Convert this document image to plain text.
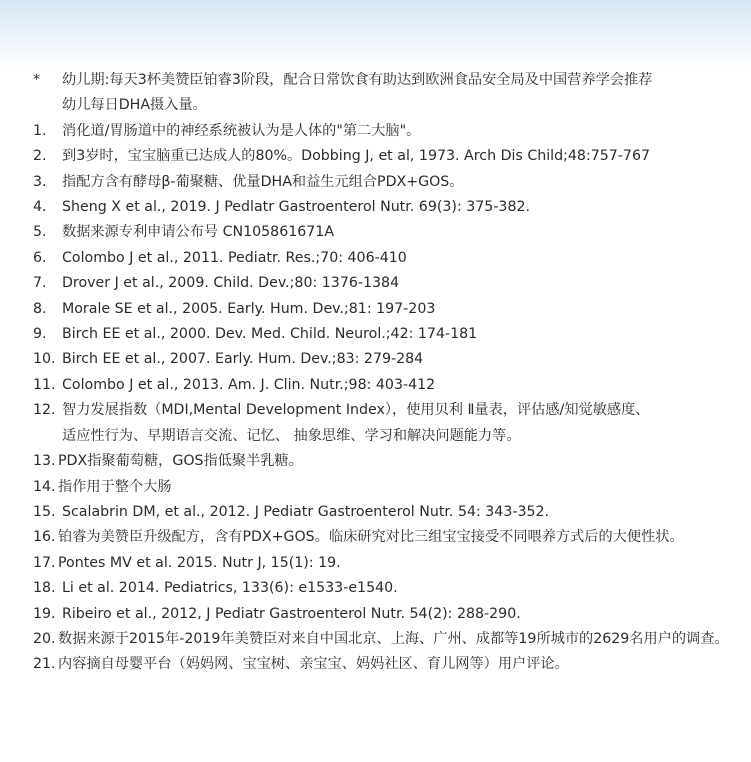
*	幼儿期:每天3杯美赞臣铂睿3阶段，配合日常饮食有助达到欧洲食品安全局及中国营养学会推荐
幼儿每日DHA摄入量。
1.	消化道/胃肠道中的神经系统被认为是人体的"第二大脑"。
2.	到3岁时，宝宝脑重已达成人的80%。Dobbing J, et al, 1973. Arch Dis Child;48:757-767
3.	指配方含有酵母β-葡聚糖、优量DHA和益生元组合PDX+GOS。
4.	Sheng X et al., 2019. J Pedlatr Gastroenterol Nutr. 69(3): 375-382.
5.	数据来源专利申请公布号 CN105861671A
6.	Colombo J et al., 2011. Pediatr. Res.;70: 406-410
7.	Drover J et al., 2009. Child. Dev.;80: 1376-1384
8.	Morale SE et al., 2005. Early. Hum. Dev.;81: 197-203
9.	Birch EE et al., 2000. Dev. Med. Child. Neurol.;42: 174-181
10. Birch EE et al., 2007. Early. Hum. Dev.;83: 279-284
11. Colombo J et al., 2013. Am. J. Clin. Nutr.;98: 403-412
12. 智力发展指数（MDI,Mental Development Index），使用贝利 Ⅱ量表，评估感/知觉敏感度、
适应性行为、早期语言交流、记忆、 抽象思维、学习和解决问题能力等。
13. PDX指聚葡萄糖，GOS指低聚半乳糖。
14. 指作用于整个大肠
15. Scalabrin DM, et al., 2012. J Pediatr Gastroenterol Nutr. 54: 343-352.
16. 铂睿为美赞臣升级配方，含有PDX+GOS。临床研究对比三组宝宝接受不同喂养方式后的大便性状。
17. Pontes MV et al. 2015. Nutr J, 15(1): 19.
18. Li et al. 2014. Pediatrics, 133(6): e1533-e1540.
19. Ribeiro et al., 2012, J Pediatr Gastroenterol Nutr. 54(2): 288-290.
20. 数据来源于2015年-2019年美赞臣对来自中国北京、上海、广州、成都等19所城市的2629名用户的调查。
21. 内容摘自母婴平台（妈妈网、宝宝树、亲宝宝、妈妈社区、育儿网等）用户评论。
